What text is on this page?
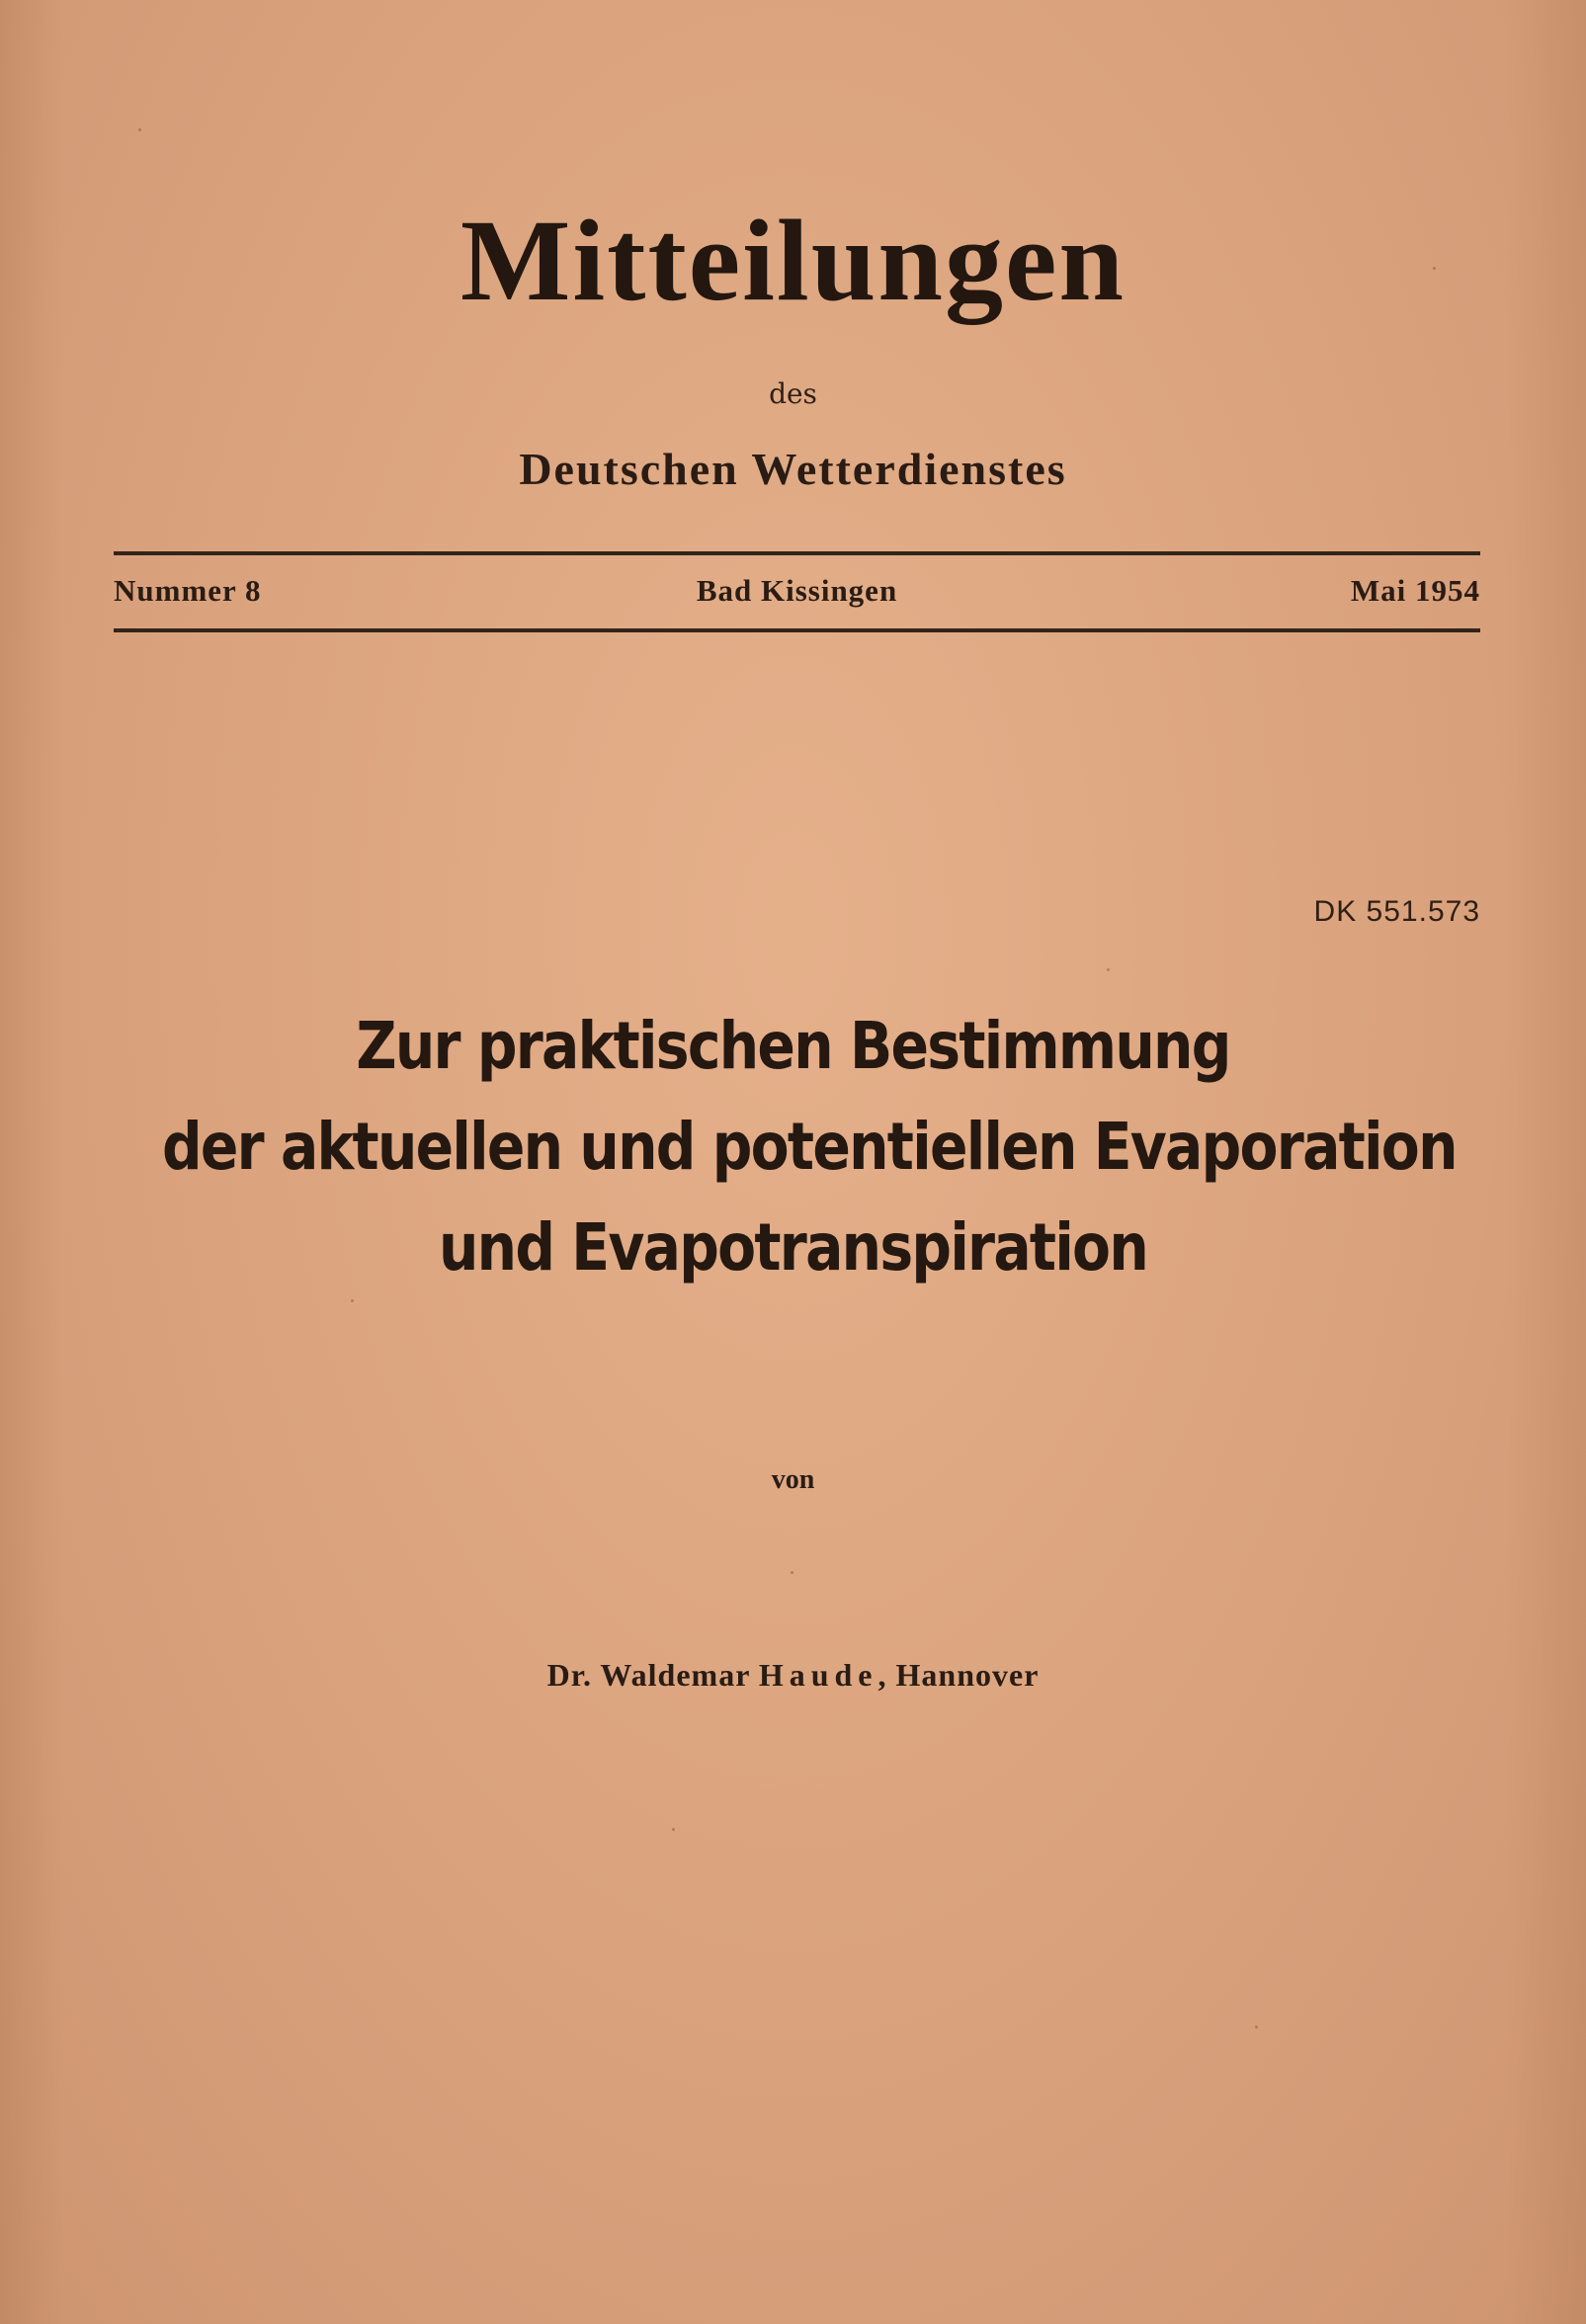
Mitteilungen
des
Deutschen Wetterdienstes
Nummer 8	Bad Kissingen	Mai 1954
DK 551.573
Zur praktischen Bestimmung
der aktuellen und potentiellen Evaporation
und Evapotranspiration
von
Dr. Waldemar Haude, Hannover
